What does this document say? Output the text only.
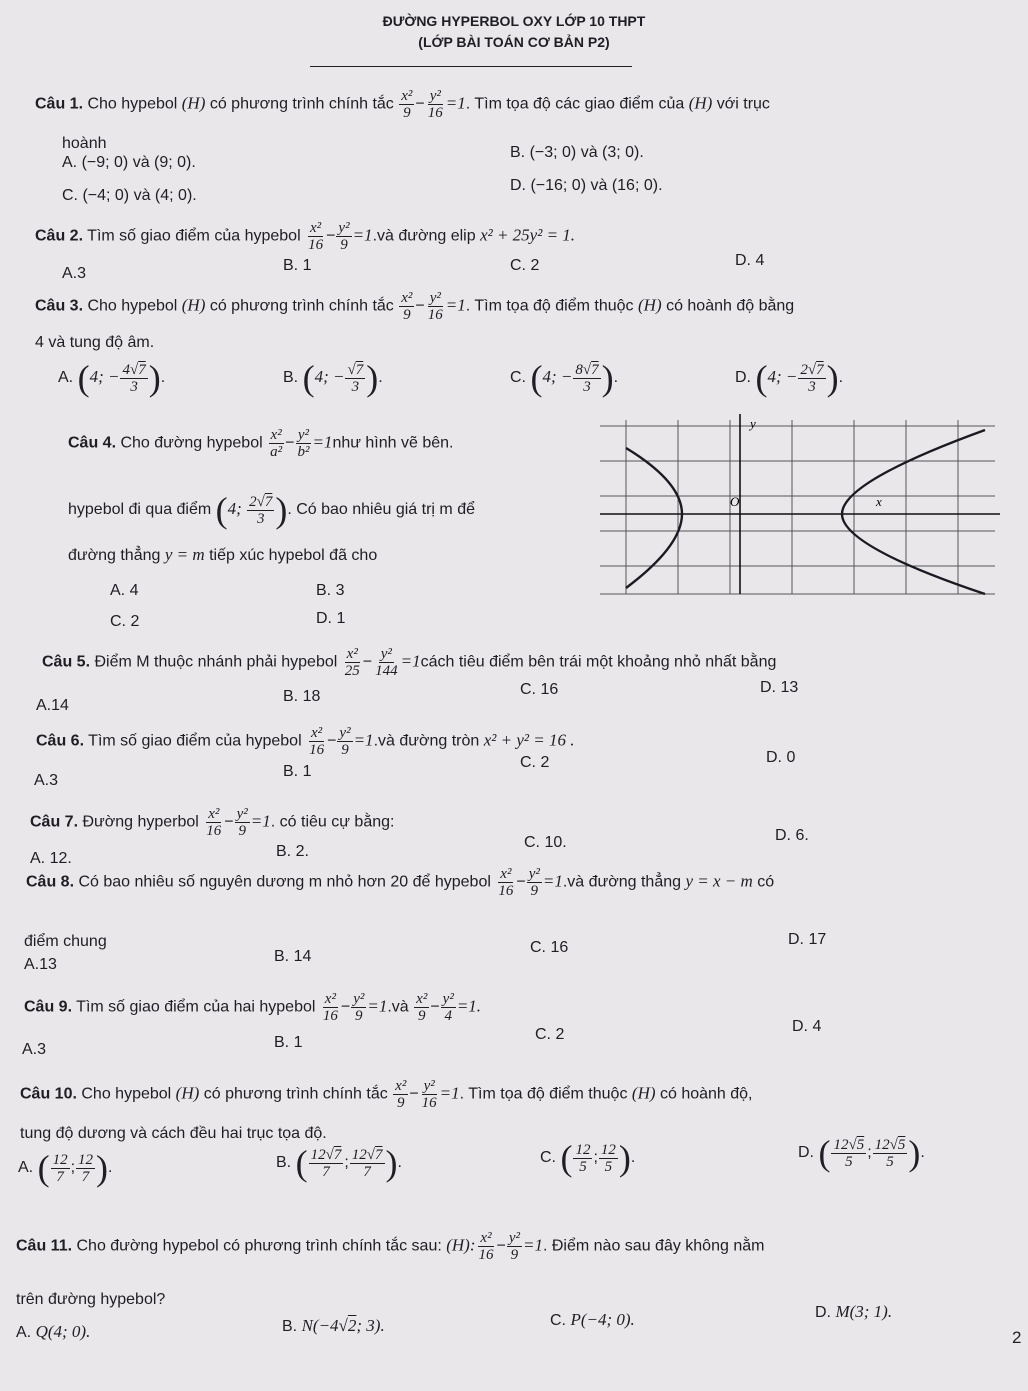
ĐƯỜNG HYPERBOL OXY LỚP 10 THPT
(LỚP BÀI TOÁN CƠ BẢN P2)
Câu 1. Cho hypebol (H) có phương trình chính tắc $\frac{\text{x²}}{9} - \frac{\text{y²}}{16} =1$. Tìm tọa độ các giao điểm của (H) với trục
hoành
A. (−9; 0) và (9; 0).
B. (−3; 0) và (3; 0).
C. (−4; 0) và (4; 0).
D. (−16; 0) và (16; 0).
Câu 2. Tìm số giao điểm của hypebol $\frac{\text{x²}}{16} - \frac{\text{y²}}{9}$ =1.và đường elip x² + 25y² = 1.
A.3	B. 1	C. 2	D. 4
Câu 3. Cho hypebol (H) có phương trình chính tắc $\frac{\text{x²}}{9} - \frac{\text{y²}}{16} =1$. Tìm tọa độ điểm thuộc (H) có hoành độ bằng
4 và tung độ âm.
A. (4; − $\frac{4√7}{3}$ ).	B. (4; − $\frac{√7}{3}$ ).	C. (4; − $\frac{8√7}{3}$ ).	D. (4; − $\frac{2√7}{3}$ ).
Câu 4. Cho đường hypebol $\frac{\text{x²}}{\text{a²}} - \frac{\text{y²}}{\text{b²}}$ =1như hình vẽ bên.
hypebol đi qua điểm (4; $\frac{2√7}{3}$ ). Có bao nhiêu giá trị m để
đường thẳng y = m tiếp xúc hypebol đã cho
A. 4	B. 3
C. 2	D. 1
y
x
O
Câu 5. Điểm M thuộc nhánh phải hypebol $\frac{\text{x²}}{25} - \frac{\text{y²}}{144}$ =1cách tiêu điểm bên trái một khoảng nhỏ nhất bằng
A.14
B. 18	C. 16	D. 13
Câu 6. Tìm số giao điểm của hypebol $\frac{\text{x²}}{16} - \frac{\text{y²}}{9}$ =1.và đường tròn x² + y² = 16 .
A.3
B. 1
C. 2	D. 0
Câu 7. Đường hyperbol $\frac{\text{x²}}{16} - \frac{\text{y²}}{9} =1$. có tiêu cự bằng:
A. 12.	B. 2.
C. 10.	D. 6.
Câu 8. Có bao nhiêu số nguyên dương m nhỏ hơn 20 để hypebol $\frac{\text{x²}}{16} - \frac{\text{y²}}{9}$ =1.và đường thẳng y = x − m có
điểm chung
A.13	B. 14
C. 16	D. 17
Câu 9. Tìm số giao điểm của hai hypebol $\frac{\text{x²}}{16} - \frac{\text{y²}}{9}$ =1.và $\frac{\text{x²}}{9} - \frac{\text{y²}}{4} =1$.
A.3	B. 1	C. 2	D. 4
Câu 10. Cho hypebol (H) có phương trình chính tắc $\frac{\text{x²}}{9} - \frac{\text{y²}}{16} =1$. Tìm tọa độ điểm thuộc (H) có hoành độ,
tung độ dương và cách đều hai trục tọa độ.
A. ( $\frac{12}{7}$ ; $\frac{12}{7}$ ).	B. ( $\frac{12√7}{7}$ ; $\frac{12√7}{7}$ ).	C. ( $\frac{12}{5}$ ; $\frac{12}{5}$ ).	D. ( $\frac{12√5}{5}$ ; $\frac{12√5}{5}$ ).
Câu 11. Cho đường hypebol có phương trình chính tắc sau: (H): $\frac{\text{x²}}{16} - \frac{\text{y²}}{9} =1$. Điểm nào sau đây không nằm
trên đường hypebol?
A. Q(4; 0).	B. N(−4√2; 3).	C. P(−4; 0).	D. M(3; 1).
2
